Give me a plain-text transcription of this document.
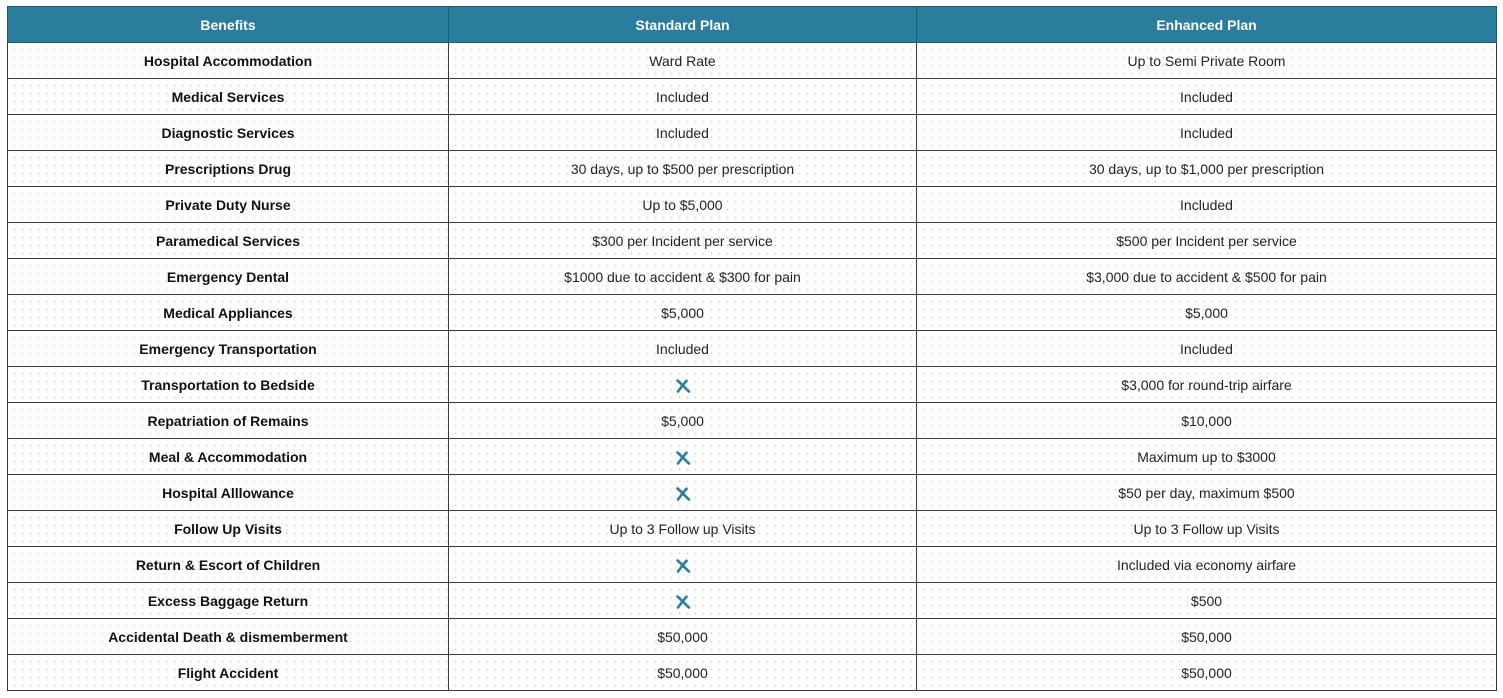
Benefits	Standard Plan	Enhanced Plan
Hospital Accommodation	Ward Rate	Up to Semi Private Room
Medical Services	Included	Included
Diagnostic Services	Included	Included
Prescriptions Drug	30 days, up to $500 per prescription	30 days, up to $1,000 per prescription
Private Duty Nurse	Up to $5,000	Included
Paramedical Services	$300 per Incident per service	$500 per Incident per service
Emergency Dental	$1000 due to accident & $300 for pain	$3,000 due to accident & $500 for pain
Medical Appliances	$5,000	$5,000
Emergency Transportation	Included	Included
Transportation to Bedside		$3,000 for round-trip airfare
Repatriation of Remains	$5,000	$10,000
Meal & Accommodation		Maximum up to $3000
Hospital Alllowance		$50 per day, maximum $500
Follow Up Visits	Up to 3 Follow up Visits	Up to 3 Follow up Visits
Return & Escort of Children		Included via economy airfare
Excess Baggage Return		$500
Accidental Death & dismemberment	$50,000	$50,000
Flight Accident	$50,000	$50,000
